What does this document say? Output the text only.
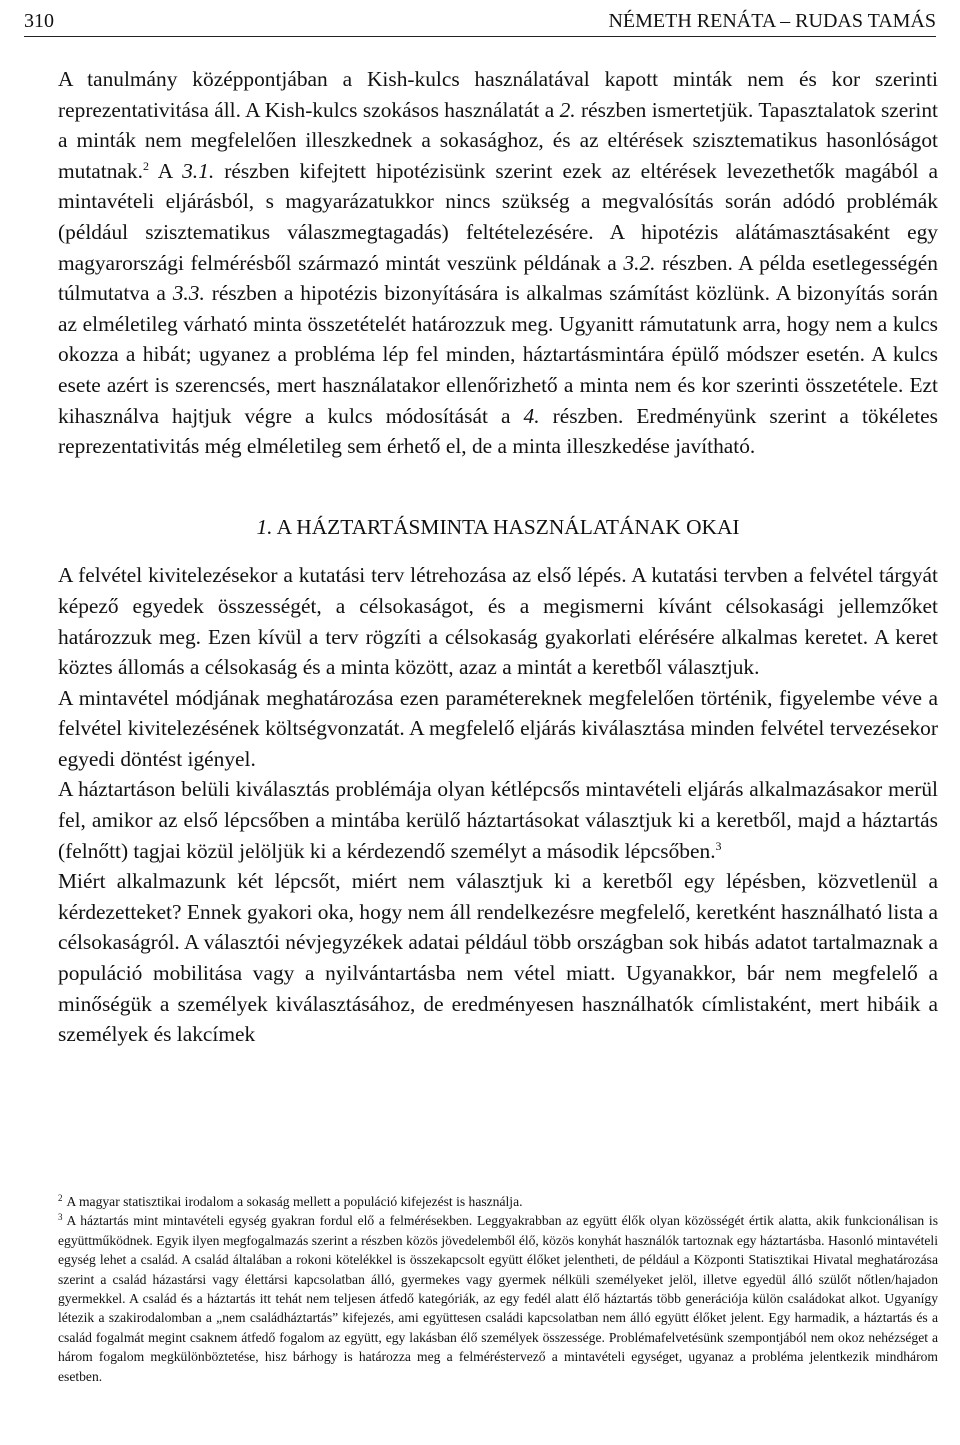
310	NÉMETH RENÁTA – RUDAS TAMÁS

A tanulmány középpontjában a Kish-kulcs használatával kapott minták nem és kor szerinti reprezentativitása áll. A Kish-kulcs szokásos használatát a 2. részben ismertetjük. Tapasztalatok szerint a minták nem megfelelően illeszkednek a sokasághoz, és az eltérések szisztematikus hasonlóságot mutatnak.$^2$ A 3.1. részben kifejtett hipotézisünk szerint ezek az eltérések levezethetők magából a mintavételi eljárásból, s magyarázatukkor nincs szükség a megvalósítás során adódó problémák (például szisztematikus válaszmegtagadás) feltételezésére. A hipotézis alátámasztásaként egy magyarországi felmérésből származó mintát veszünk példának a 3.2. részben. A példa esetlegességén túlmutatva a 3.3. részben a hipotézis bizonyítására is alkalmas számítást közlünk. A bizonyítás során az elméletileg várható minta összetételét határozzuk meg. Ugyanitt rámutatunk arra, hogy nem a kulcs okozza a hibát; ugyanez a probléma lép fel minden, háztartásmintára épülő módszer esetén. A kulcs esete azért is szerencsés, mert használatakor ellenőrizhető a minta nem és kor szerinti összetétele. Ezt kihasználva hajtjuk végre a kulcs módosítását a 4. részben. Eredményünk szerint a tökéletes reprezentativitás még elméletileg sem érhető el, de a minta illeszkedése javítható.

1. A HÁZTARTÁSMINTA HASZNÁLATÁNAK OKAI

A felvétel kivitelezésekor a kutatási terv létrehozása az első lépés. A kutatási tervben a felvétel tárgyát képező egyedek összességét, a célsokaságot, és a megismerni kívánt célsokasági jellemzőket határozzuk meg. Ezen kívül a terv rögzíti a célsokaság gyakorlati elérésére alkalmas keretet. A keret köztes állomás a célsokaság és a minta között, azaz a mintát a keretből választjuk.

A mintavétel módjának meghatározása ezen paramétereknek megfelelően történik, figyelembe véve a felvétel kivitelezésének költségvonzatát. A megfelelő eljárás kiválasztása minden felvétel tervezésekor egyedi döntést igényel.

A háztartáson belüli kiválasztás problémája olyan kétlépcsős mintavételi eljárás alkalmazásakor merül fel, amikor az első lépcsőben a mintába kerülő háztartásokat választjuk ki a keretből, majd a háztartás (felnőtt) tagjai közül jelöljük ki a kérdezendő személyt a második lépcsőben.$^3$

Miért alkalmazunk két lépcsőt, miért nem választjuk ki a keretből egy lépésben, közvetlenül a kérdezetteket? Ennek gyakori oka, hogy nem áll rendelkezésre megfelelő, keretként használható lista a célsokaságról. A választói névjegyzékek adatai például több országban sok hibás adatot tartalmaznak a populáció mobilitása vagy a nyilvántartásba nem vétel miatt. Ugyanakkor, bár nem megfelelő a minőségük a személyek kiválasztásához, de eredményesen használhatók címlistaként, mert hibáik a személyek és lakcímek

$^2$ A magyar statisztikai irodalom a sokaság mellett a populáció kifejezést is használja.

$^3$ A háztartás mint mintavételi egység gyakran fordul elő a felmérésekben. Leggyakrabban az együtt élők olyan közösségét értik alatta, akik funkcionálisan is együttműködnek. Egyik ilyen megfogalmazás szerint a részben közös jövedelemből élő, közös konyhát használók tartoznak egy háztartásba. Hasonló mintavételi egység lehet a család. A család általában a rokoni kötelékkel is összekapcsolt együtt élőket jelentheti, de például a Központi Statisztikai Hivatal meghatározása szerint a család házastársi vagy élettársi kapcsolatban álló, gyermekes vagy gyermek nélküli személyeket jelöl, illetve egyedül álló szülőt nőtlen/hajadon gyermekkel. A család és a háztartás itt tehát nem teljesen átfedő kategóriák, az egy fedél alatt élő háztartás több generációja külön családokat alkot. Ugyanígy létezik a szakirodalomban a „nem családháztartás” kifejezés, ami együttesen családi kapcsolatban nem álló együtt élőket jelent. Egy harmadik, a háztartás és a család fogalmát megint csaknem átfedő fogalom az együtt, egy lakásban élő személyek összessége. Problémafelvetésünk szempontjából nem okoz nehézséget a három fogalom megkülönböztetése, hisz bárhogy is határozza meg a felméréstervező a mintavételi egységet, ugyanaz a probléma jelentkezik mindhárom esetben.
